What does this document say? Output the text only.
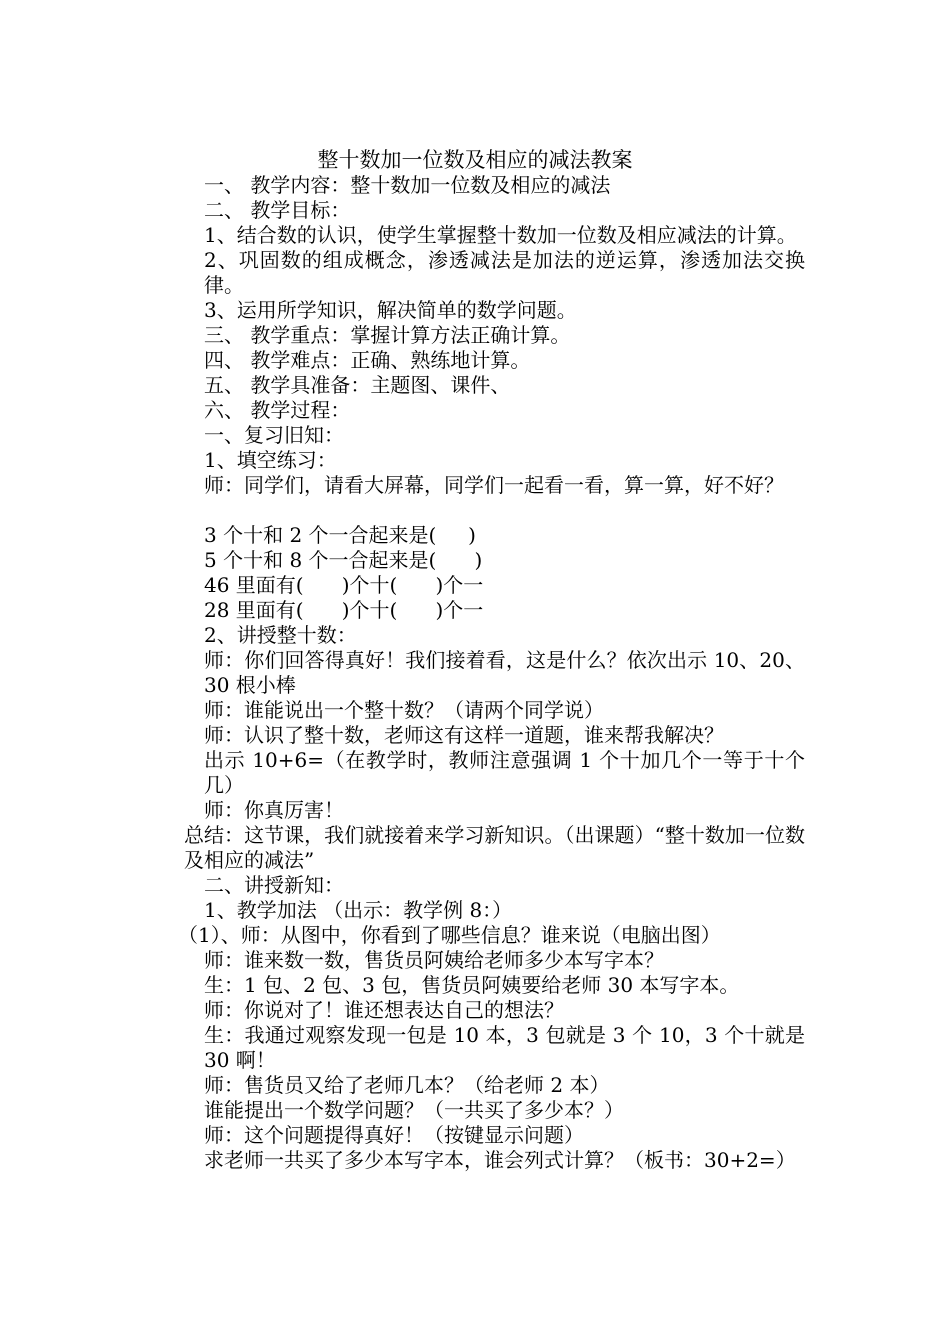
整十数加一位数及相应的减法教案

一、 教学内容：整十数加一位数及相应的减法

二、 教学目标：

1、结合数的认识，使学生掌握整十数加一位数及相应减法的计算。

2、巩固数的组成概念，渗透减法是加法的逆运算，渗透加法交换律。

3、运用所学知识，解决简单的数学问题。

三、 教学重点：掌握计算方法正确计算。

四、 教学难点：正确、熟练地计算。

五、 教学具准备：主题图、课件、

六、 教学过程：

一、复习旧知：

1、填空练习：

师：同学们，请看大屏幕，同学们一起看一看，算一算，好不好？

3 个十和 2 个一合起来是(     )

5 个十和 8 个一合起来是(      )

46 里面有(      )个十(      )个一

28 里面有(      )个十(      )个一

2、讲授整十数：

师：你们回答得真好！我们接着看，这是什么？依次出示 10、20、30 根小棒

师：谁能说出一个整十数？（请两个同学说）

师：认识了整十数，老师这有这样一道题，谁来帮我解决？

出示 10+6=（在教学时，教师注意强调 1 个十加几个一等于十个几）

师：你真厉害！

总结：这节课，我们就接着来学习新知识。（出课题）“整十数加一位数及相应的减法”

二、讲授新知：

1、教学加法 （出示：教学例 8：）

（1）、师：从图中，你看到了哪些信息？谁来说（电脑出图）

师：谁来数一数，售货员阿姨给老师多少本写字本？

生：1 包、2 包、3 包，售货员阿姨要给老师 30 本写字本。

师：你说对了！谁还想表达自己的想法？

生：我通过观察发现一包是 10 本，3 包就是 3 个 10，3 个十就是 30 啊！

师：售货员又给了老师几本？（给老师 2 本）

谁能提出一个数学问题？（一共买了多少本？）

师：这个问题提得真好！（按键显示问题）

求老师一共买了多少本写字本，谁会列式计算？（板书：30+2=）
